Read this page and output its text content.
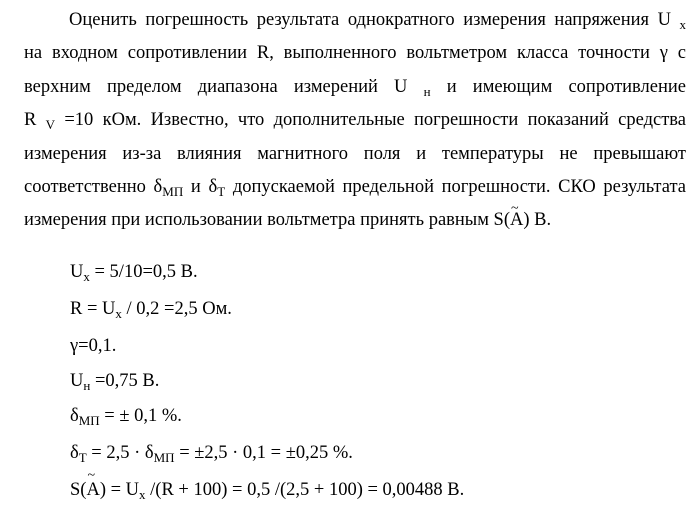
Оценить погрешность результата однократного измерения напряжения U $_x$
на входном сопротивлении R, выполненного вольтметром класса точности γ с
верхним пределом диапазона измерений U $_н$ и имеющим сопротивление
R $_V$ =10 кОм. Известно, что дополнительные погрешности показаний средства
измерения из-за влияния магнитного поля и температуры не превышают
соответственно $\delta_{МП}$ и $\delta_Т$ допускаемой предельной погрешности. СКО результата
измерения при использовании вольтметра принять равным S(~ A) В.
$U_x = 5/10=0,5$ В.
$R = U_x / 0,2 =2,5$ Ом.
γ=0,1.
$U_н =0,75$ В.
$\delta_{МП}$ = ± 0,1 %.
$\delta_Т = 2,5 \cdot \delta_{МП} = \pm 2,5 \cdot 0,1 = \pm 0,25$ %.
S(~ $A) = U_x$ /(R + 100) = 0,5 /(2,5 + 100) = 0,00488 В.
